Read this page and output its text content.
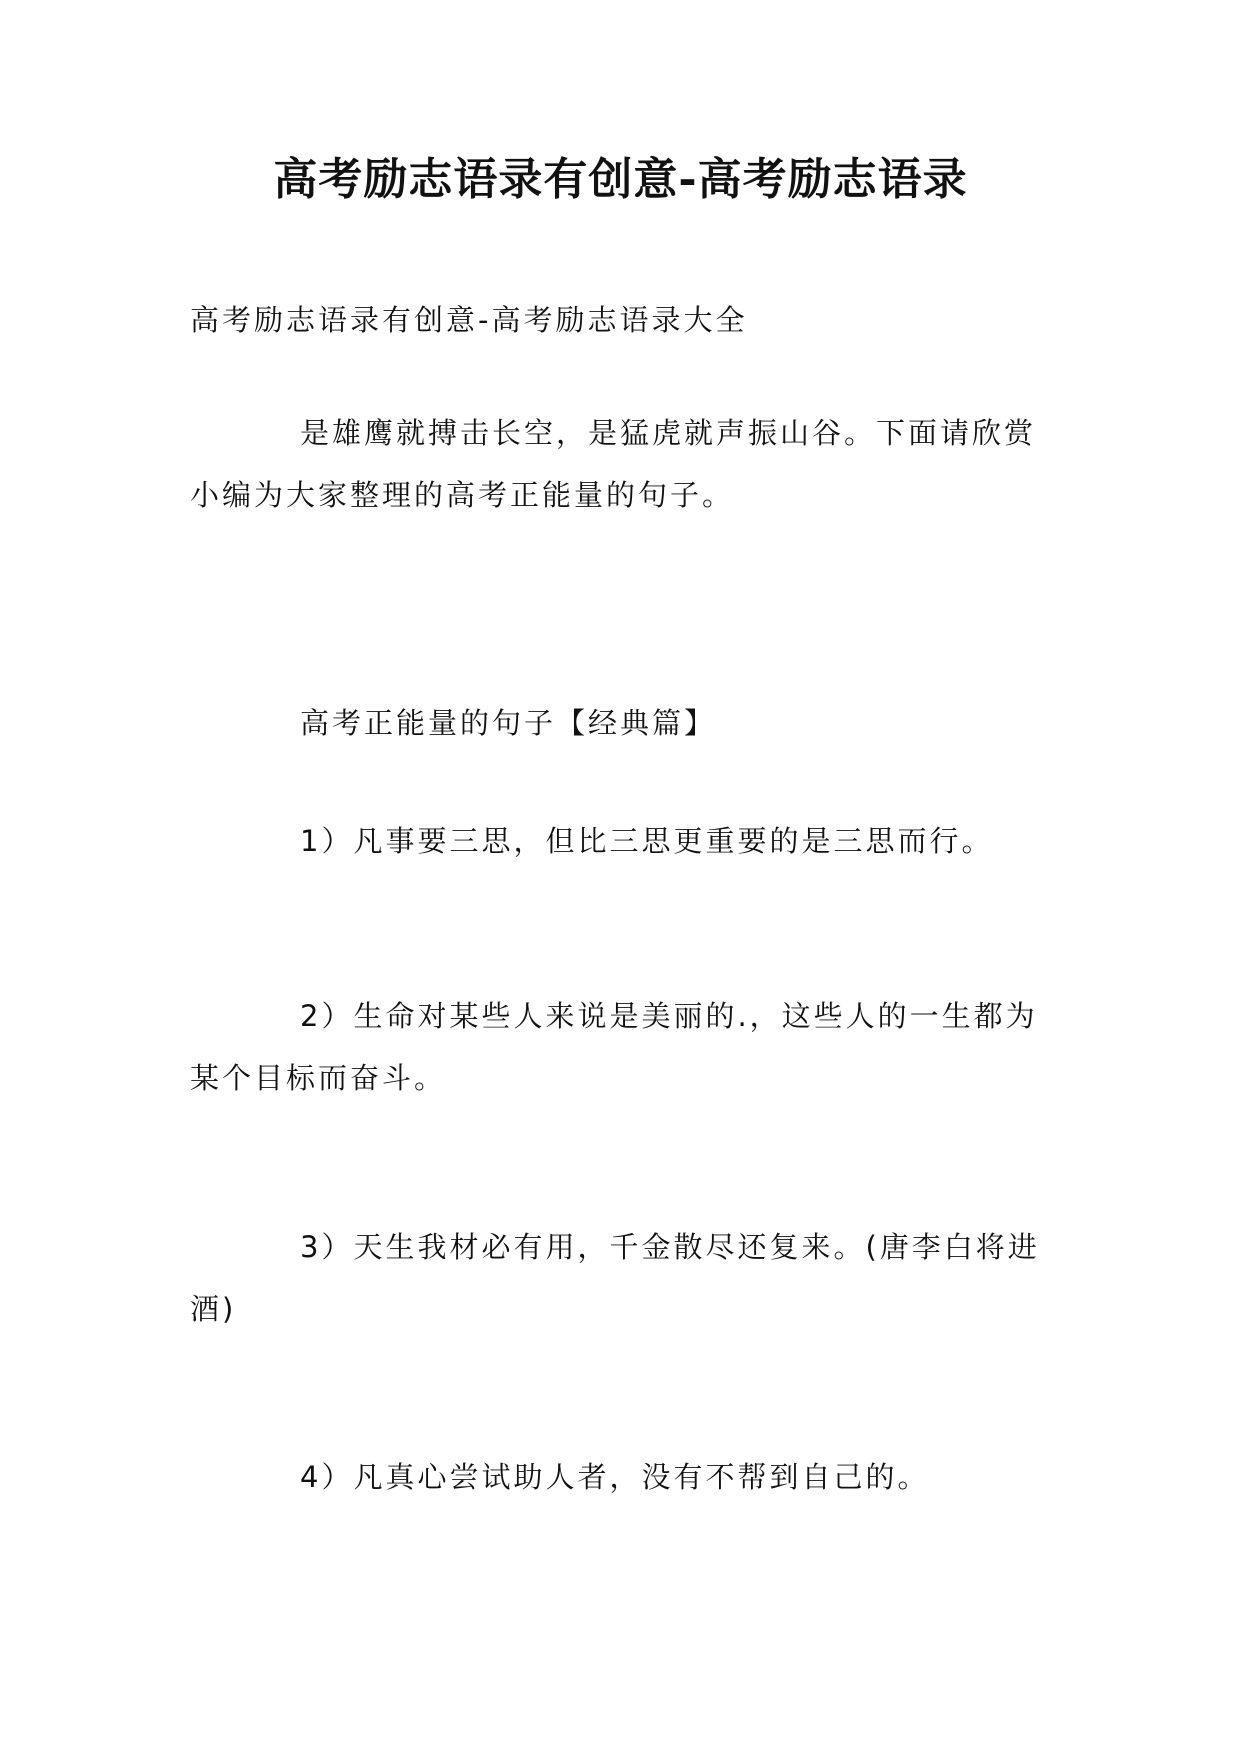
高考励志语录有创意-高考励志语录

高考励志语录有创意-高考励志语录大全

是雄鹰就搏击长空，是猛虎就声振山谷。下面请欣赏小编为大家整理的高考正能量的句子。

高考正能量的句子【经典篇】

1）凡事要三思，但比三思更重要的是三思而行。

2）生命对某些人来说是美丽的.，这些人的一生都为某个目标而奋斗。

3）天生我材必有用，千金散尽还复来。(唐李白将进酒)

4）凡真心尝试助人者，没有不帮到自己的。
